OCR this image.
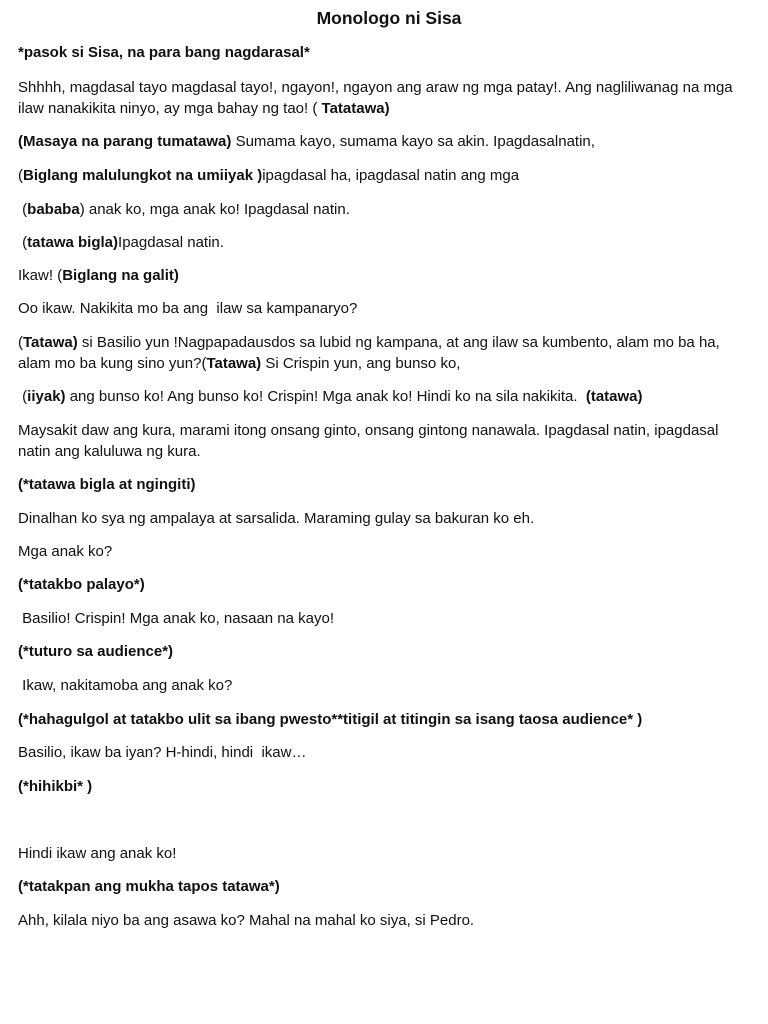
Monologo ni Sisa
*pasok si Sisa, na para bang nagdarasal*
Shhhh, magdasal tayo magdasal tayo!, ngayon!, ngayon ang araw ng mga patay!. Ang nagliliwanag na mga ilaw nanakikita ninyo, ay mga bahay ng tao! ( Tatatawa)
(Masaya na parang tumatawa) Sumama kayo, sumama kayo sa akin. Ipagdasalnatin,
(Biglang malulungkot na umiiyak )ipagdasal ha, ipagdasal natin ang mga
(bababa) anak ko, mga anak ko! Ipagdasal natin.
(tatawa bigla)Ipagdasal natin.
Ikaw! (Biglang na galit)
Oo ikaw. Nakikita mo ba ang  ilaw sa kampanaryo?
(Tatawa) si Basilio yun !Nagpapadausdos sa lubid ng kampana, at ang ilaw sa kumbento, alam mo ba ha, alam mo ba kung sino yun?(Tatawa) Si Crispin yun, ang bunso ko,
(iiyak) ang bunso ko! Ang bunso ko! Crispin! Mga anak ko! Hindi ko na sila nakikita.  (tatawa)
Maysakit daw ang kura, marami itong onsang ginto, onsang gintong nanawala. Ipagdasal natin, ipagdasal natin ang kaluluwa ng kura.
(*tatawa bigla at ngingiti)
Dinalhan ko sya ng ampalaya at sarsalida. Maraming gulay sa bakuran ko eh.
Mga anak ko?
(*tatakbo palayo*)
Basilio! Crispin! Mga anak ko, nasaan na kayo!
(*tuturo sa audience*)
Ikaw, nakitamoba ang anak ko?
(*hahagulgol at tatakbo ulit sa ibang pwesto**titigil at titingin sa isang taosa audience* )
Basilio, ikaw ba iyan? H-hindi, hindi  ikaw…
(*hihikbi* )
Hindi ikaw ang anak ko!
(*tatakpan ang mukha tapos tatawa*)
Ahh, kilala niyo ba ang asawa ko? Mahal na mahal ko siya, si Pedro.
